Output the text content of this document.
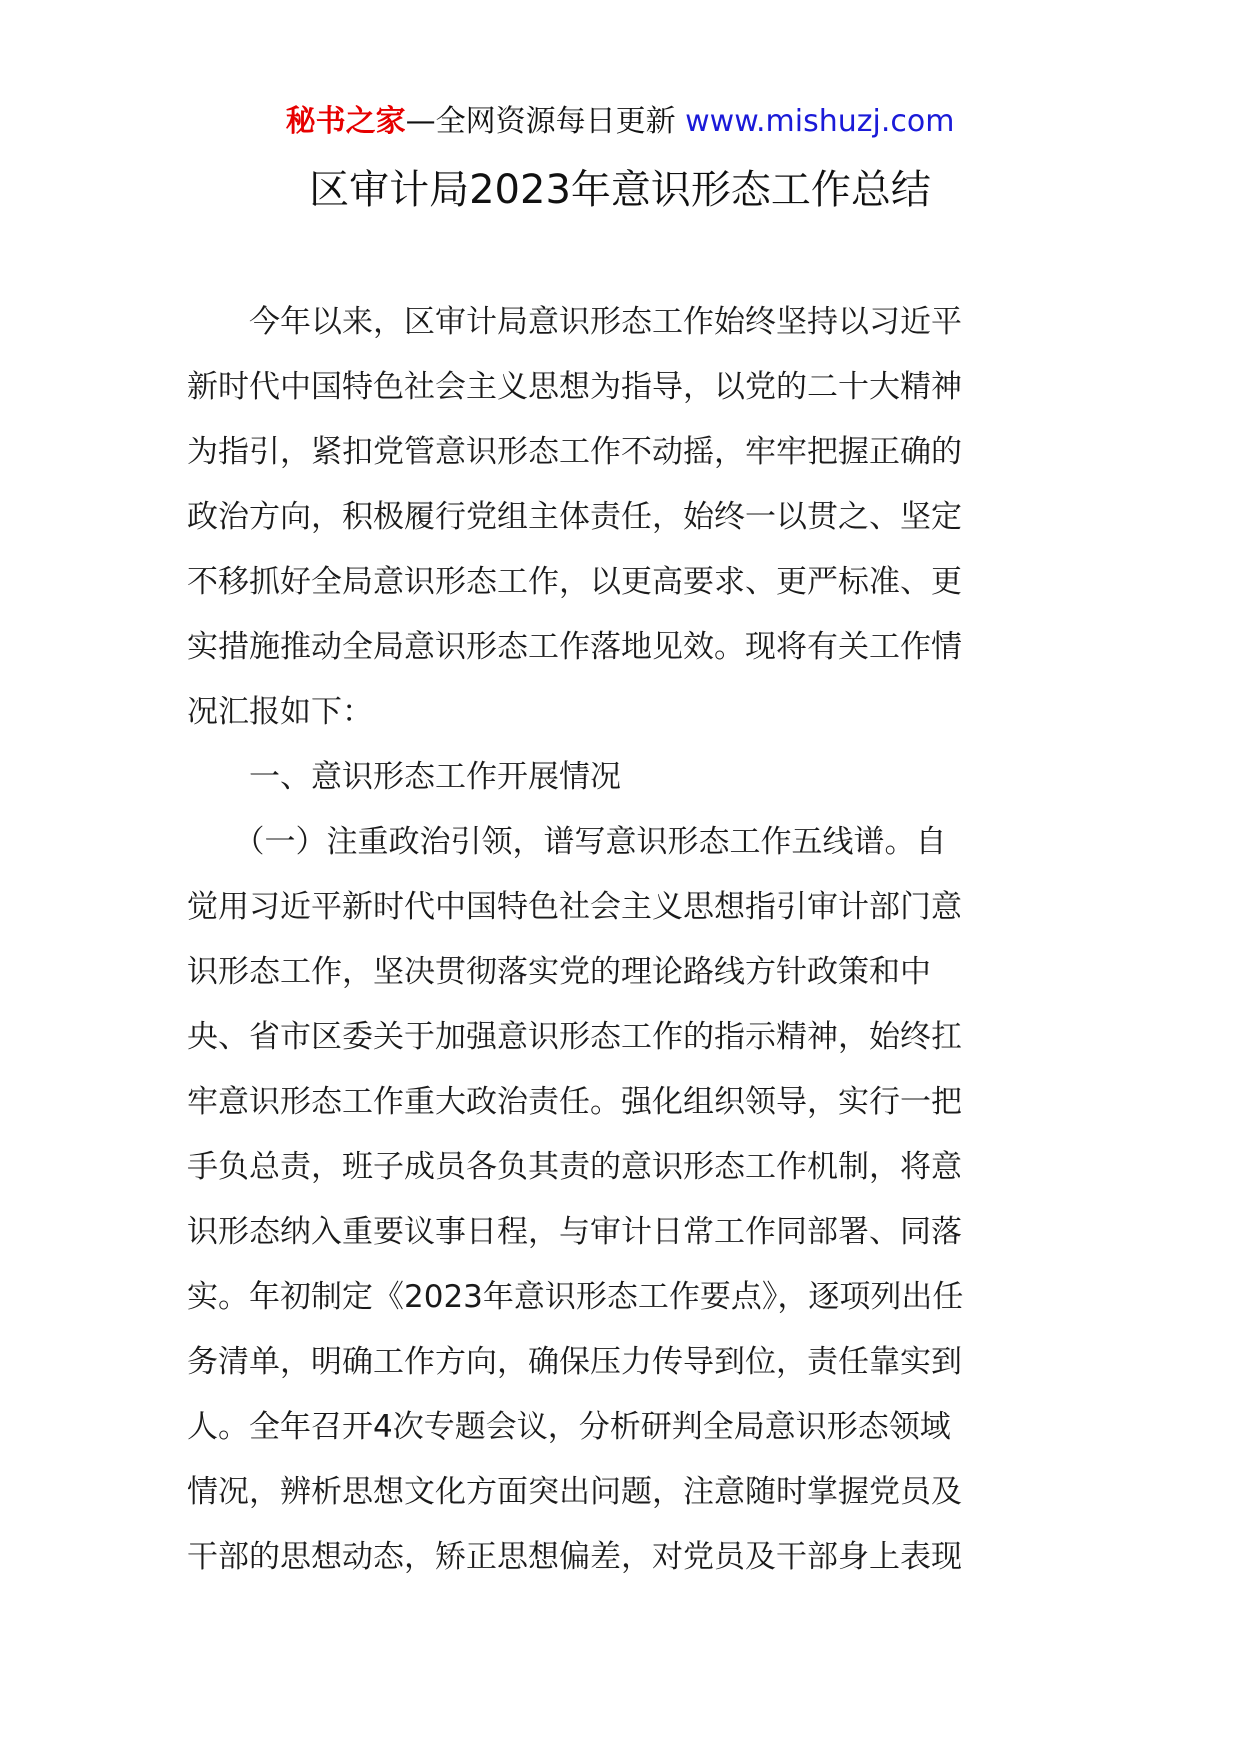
秘书之家—全网资源每日更新 www.mishuzj.com
区审计局2023年意识形态工作总结
　　今年以来，区审计局意识形态工作始终坚持以习近平
新时代中国特色社会主义思想为指导，以党的二十大精神
为指引，紧扣党管意识形态工作不动摇，牢牢把握正确的
政治方向，积极履行党组主体责任，始终一以贯之、坚定
不移抓好全局意识形态工作，以更高要求、更严标准、更
实措施推动全局意识形态工作落地见效。现将有关工作情
况汇报如下：
　　一、意识形态工作开展情况
　　（一）注重政治引领，谱写意识形态工作五线谱。自
觉用习近平新时代中国特色社会主义思想指引审计部门意
识形态工作，坚决贯彻落实党的理论路线方针政策和中
央、省市区委关于加强意识形态工作的指示精神，始终扛
牢意识形态工作重大政治责任。强化组织领导，实行一把
手负总责，班子成员各负其责的意识形态工作机制，将意
识形态纳入重要议事日程，与审计日常工作同部署、同落
实。年初制定《2023年意识形态工作要点》，逐项列出任
务清单，明确工作方向，确保压力传导到位，责任靠实到
人。全年召开4次专题会议，分析研判全局意识形态领域
情况，辨析思想文化方面突出问题，注意随时掌握党员及
干部的思想动态，矫正思想偏差，对党员及干部身上表现
